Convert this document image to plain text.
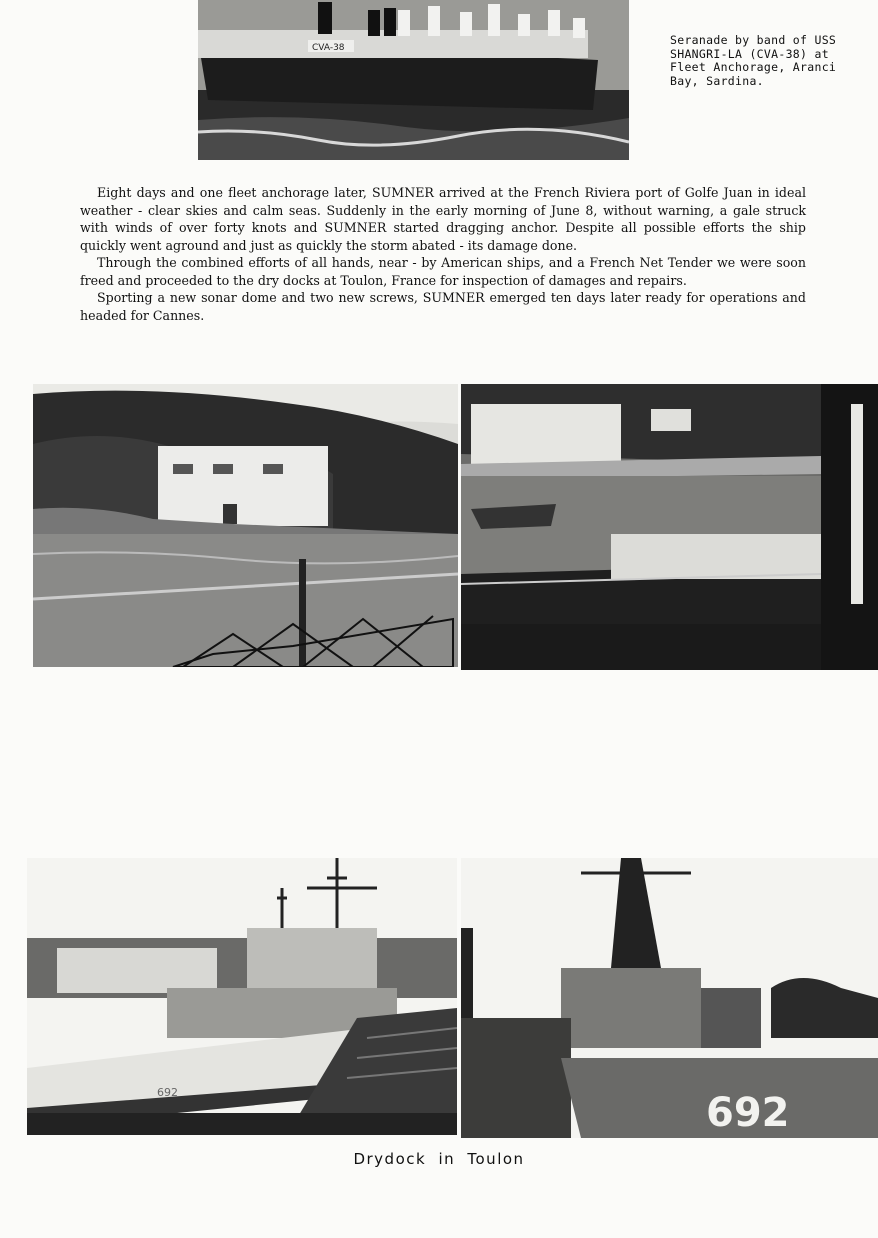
CVA-38
Seranade by band of USS
SHANGRI-LA (CVA-38) at
Fleet Anchorage, Aranci
Bay, Sardina.

Eight days and one fleet anchorage later, SUMNER arrived at the French Riviera port of Golfe Juan in ideal weather - clear skies and calm seas. Suddenly in the early morning of June 8, without warning, a gale struck with winds of over forty knots and SUMNER started dragging anchor. Despite all possible efforts the ship quickly went aground and just as quickly the storm abated - its damage done.

Through the combined efforts of all hands, near - by American ships, and a French Net Tender we were soon freed and proceeded to the dry docks at Toulon, France for inspection of damages and repairs.

Sporting a new sonar dome and two new screws, SUMNER emerged ten days later ready for operations and headed for Cannes.

692	692
Drydock in Toulon
